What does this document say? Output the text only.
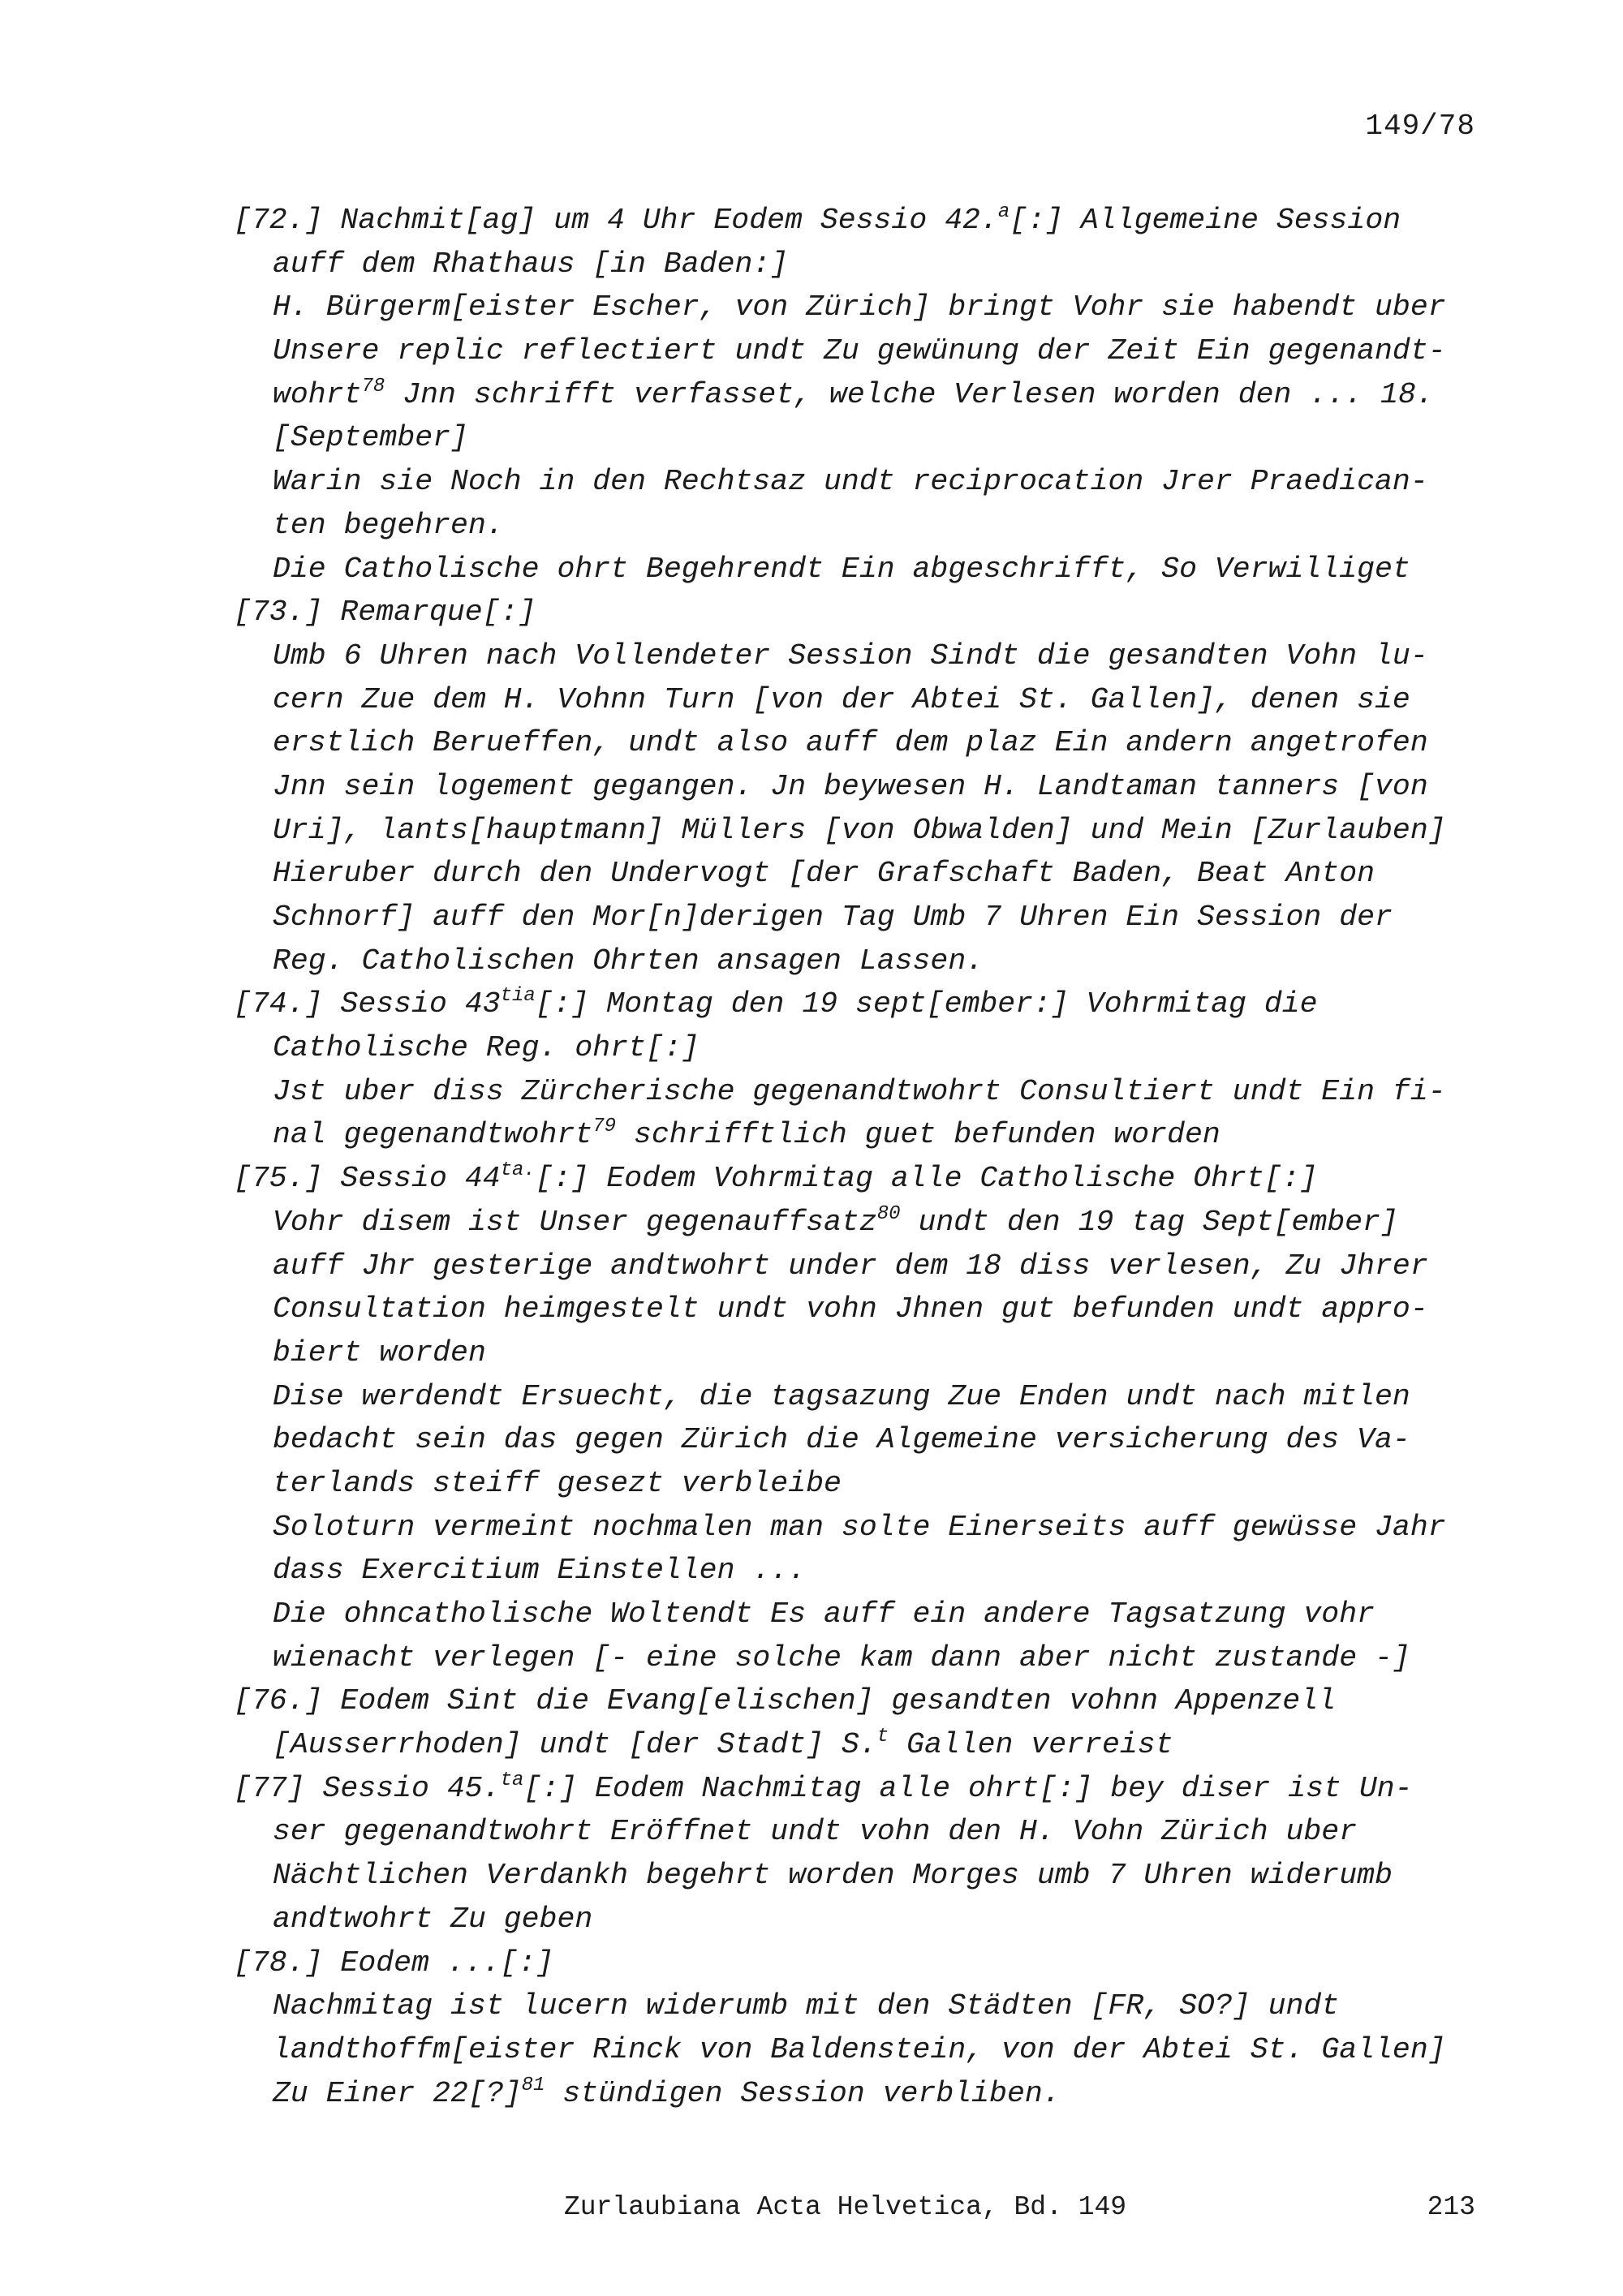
149/78
[72.] Nachmit[ag] um 4 Uhr Eodem Sessio 42.$^a$[:] Allgemeine Session
auff dem Rhathaus [in Baden:]
H. Bürgerm[eister Escher, von Zürich] bringt Vohr sie habendt uber
Unsere replic reflectiert undt Zu gewünung der Zeit Ein gegenandt-
wohrt$^{78}$ Jnn schrifft verfasset, welche Verlesen worden den ... 18.
[September]
Warin sie Noch in den Rechtsaz undt reciprocation Jrer Praedican-
ten begehren.
Die Catholische ohrt Begehrendt Ein abgeschrifft, So Verwilliget
[73.] Remarque[:]
Umb 6 Uhren nach Vollendeter Session Sindt die gesandten Vohn lu-
cern Zue dem H. Vohnn Turn [von der Abtei St. Gallen], denen sie
erstlich Berueffen, undt also auff dem plaz Ein andern angetrofen
Jnn sein logement gegangen. Jn beywesen H. Landtaman tanners [von
Uri], lants[hauptmann] Müllers [von Obwalden] und Mein [Zurlauben]
Hieruber durch den Undervogt [der Grafschaft Baden, Beat Anton
Schnorf] auff den Mor[n]derigen Tag Umb 7 Uhren Ein Session der
Reg. Catholischen Ohrten ansagen Lassen.
[74.] Sessio $43^{tia}[:]$ Montag den 19 sept[ember:] Vohrmitag die
Catholische Reg. ohrt[:]
Jst uber diss Zürcherische gegenandtwohrt Consultiert undt Ein fi-
nal gegenandtwohrt$^{79}$ schrifftlich guet befunden worden
[75.] Sessio $44^{ta.}[:]$ Eodem Vohrmitag alle Catholische Ohrt[:]
Vohr disem ist Unser gegenauffsatz$^{80}$ undt den 19 tag Sept[ember]
auff Jhr gesterige andtwohrt under dem 18 diss verlesen, Zu Jhrer
Consultation heimgestelt undt vohn Jhnen gut befunden undt appro-
biert worden
Dise werdendt Ersuecht, die tagsazung Zue Enden undt nach mitlen
bedacht sein das gegen Zürich die Algemeine versicherung des Va-
terlands steiff gesezt verbleibe
Soloturn vermeint nochmalen man solte Einerseits auff gewüsse Jahr
dass Exercitium Einstellen ...
Die ohncatholische Woltendt Es auff ein andere Tagsatzung vohr
wienacht verlegen [- eine solche kam dann aber nicht zustande -]
[76.] Eodem Sint die Evang[elischen] gesandten vohnn Appenzell
[Ausserrhoden] undt [der Stadt] S.$^t$ Gallen verreist
[77] Sessio 45.$^{ta}$[:] Eodem Nachmitag alle ohrt[:] bey diser ist Un-
ser gegenandtwohrt Eröffnet undt vohn den H. Vohn Zürich uber
Nächtlichen Verdankh begehrt worden Morges umb 7 Uhren widerumb
andtwohrt Zu geben
[78.] Eodem ...[:]
Nachmitag ist lucern widerumb mit den Städten [FR, SO?] undt
landthoffm[eister Rinck von Baldenstein, von der Abtei St. Gallen]
Zu Einer 22[?]$^{81}$ stündigen Session verbliben.
Zurlaubiana Acta Helvetica, Bd. 149	213
